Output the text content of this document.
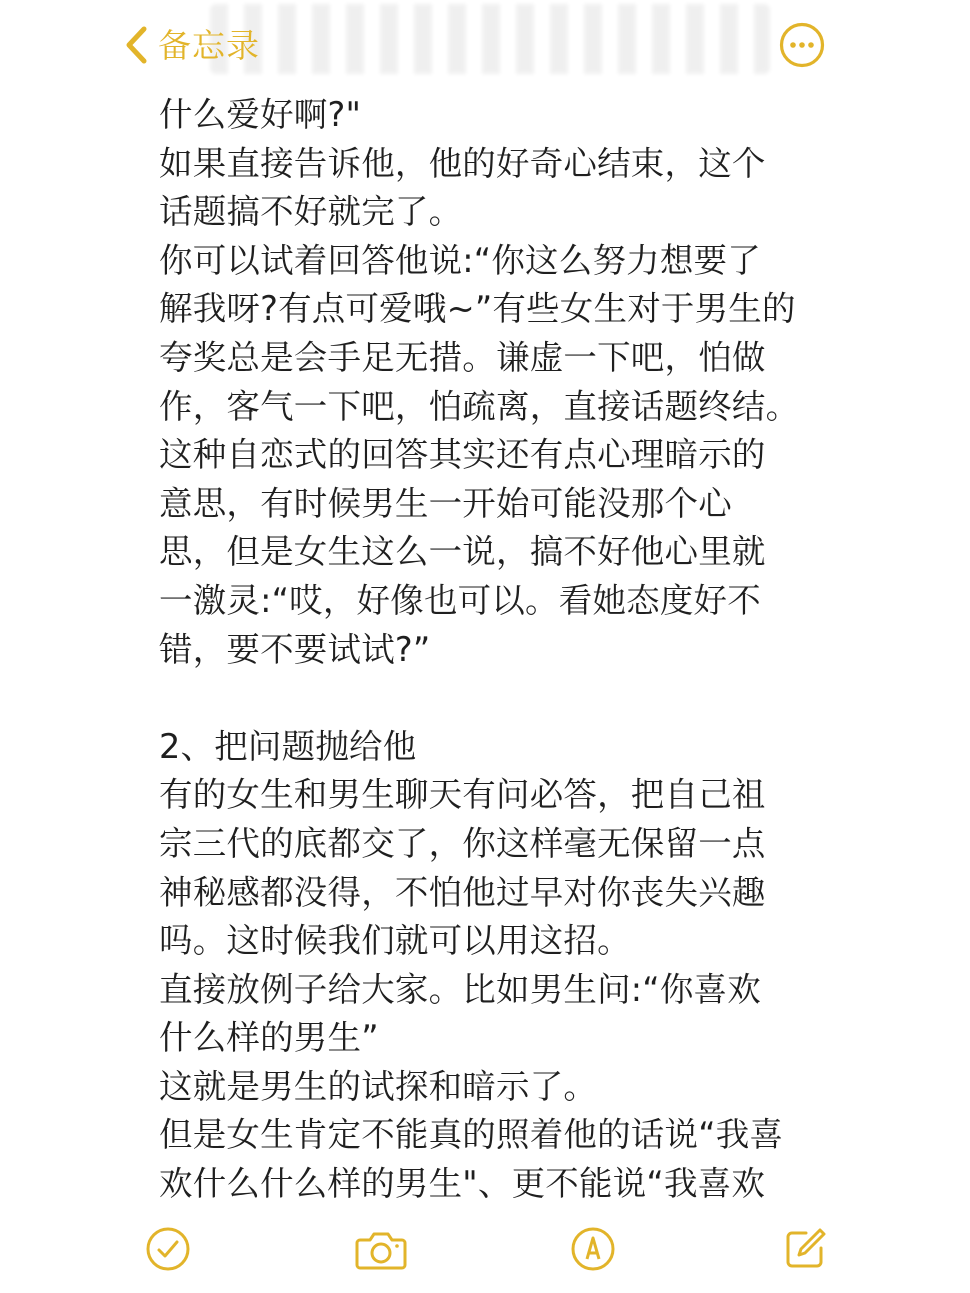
备忘录
什么爱好啊?"
如果直接告诉他，他的好奇心结束，这个
话题搞不好就完了。
你可以试着回答他说:“你这么努力想要了
解我呀?有点可爱哦~”有些女生对于男生的
夸奖总是会手足无措。谦虚一下吧，怕做
作，客气一下吧，怕疏离，直接话题终结。
这种自恋式的回答其实还有点心理暗示的
意思，有时候男生一开始可能没那个心
思，但是女生这么一说，搞不好他心里就
一激灵:“哎，好像也可以。看她态度好不
错，要不要试试?”
2、把问题抛给他
有的女生和男生聊天有问必答，把自己祖
宗三代的底都交了，你这样毫无保留一点
神秘感都没得，不怕他过早对你丧失兴趣
吗。这时候我们就可以用这招。
直接放例子给大家。比如男生问:“你喜欢
什么样的男生”
这就是男生的试探和暗示了。
但是女生肯定不能真的照着他的话说“我喜
欢什么什么样的男生"、更不能说“我喜欢
